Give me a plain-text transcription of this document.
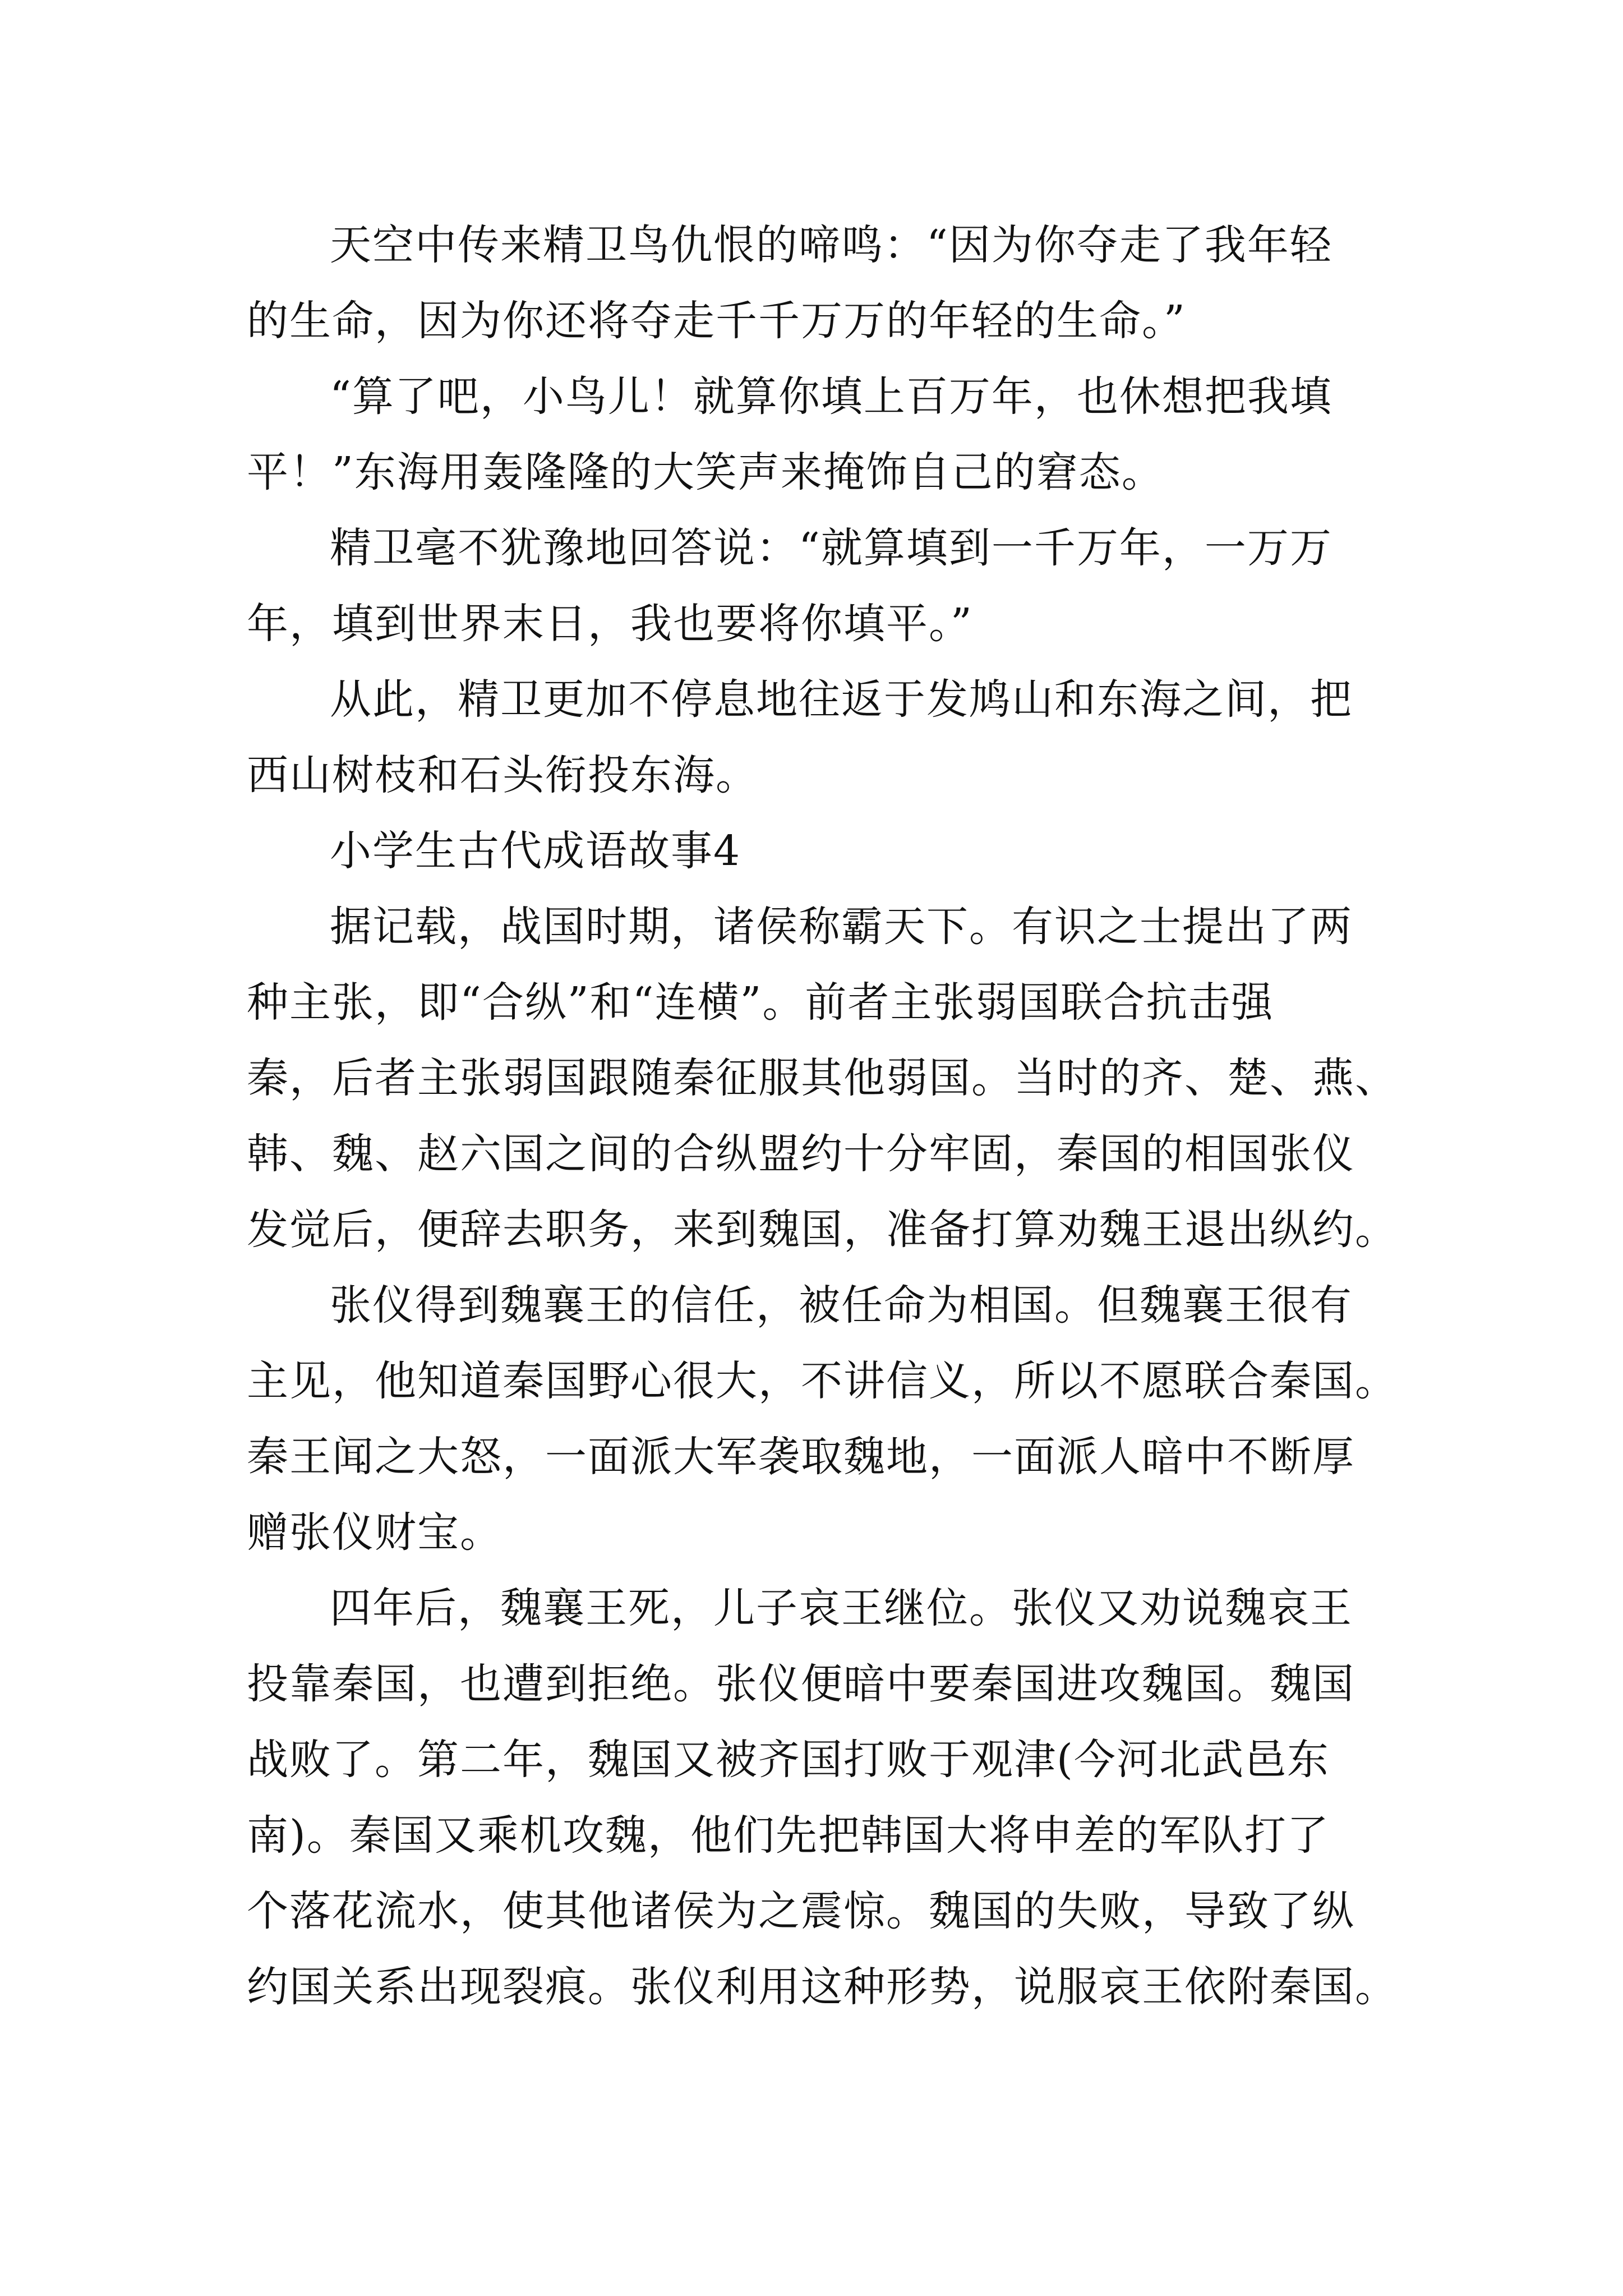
天空中传来精卫鸟仇恨的啼鸣：“因为你夺走了我年轻

的生命，因为你还将夺走千千万万的年轻的生命。”

“算了吧，小鸟儿！就算你填上百万年，也休想把我填

平！”东海用轰隆隆的大笑声来掩饰自己的窘态。

精卫毫不犹豫地回答说：“就算填到一千万年，一万万

年，填到世界末日，我也要将你填平。”

从此，精卫更加不停息地往返于发鸠山和东海之间，把

西山树枝和石头衔投东海。

小学生古代成语故事4

据记载，战国时期，诸侯称霸天下。有识之士提出了两

种主张，即“合纵”和“连横”。前者主张弱国联合抗击强

秦，后者主张弱国跟随秦征服其他弱国。当时的齐、楚、燕、

韩、魏、赵六国之间的合纵盟约十分牢固，秦国的相国张仪

发觉后，便辞去职务，来到魏国，准备打算劝魏王退出纵约。

张仪得到魏襄王的信任，被任命为相国。但魏襄王很有

主见，他知道秦国野心很大，不讲信义，所以不愿联合秦国。

秦王闻之大怒，一面派大军袭取魏地，一面派人暗中不断厚

赠张仪财宝。

四年后，魏襄王死，儿子哀王继位。张仪又劝说魏哀王

投靠秦国，也遭到拒绝。张仪便暗中要秦国进攻魏国。魏国

战败了。第二年，魏国又被齐国打败于观津(今河北武邑东

南)。秦国又乘机攻魏，他们先把韩国大将申差的军队打了

个落花流水，使其他诸侯为之震惊。魏国的失败，导致了纵

约国关系出现裂痕。张仪利用这种形势，说服哀王依附秦国。
